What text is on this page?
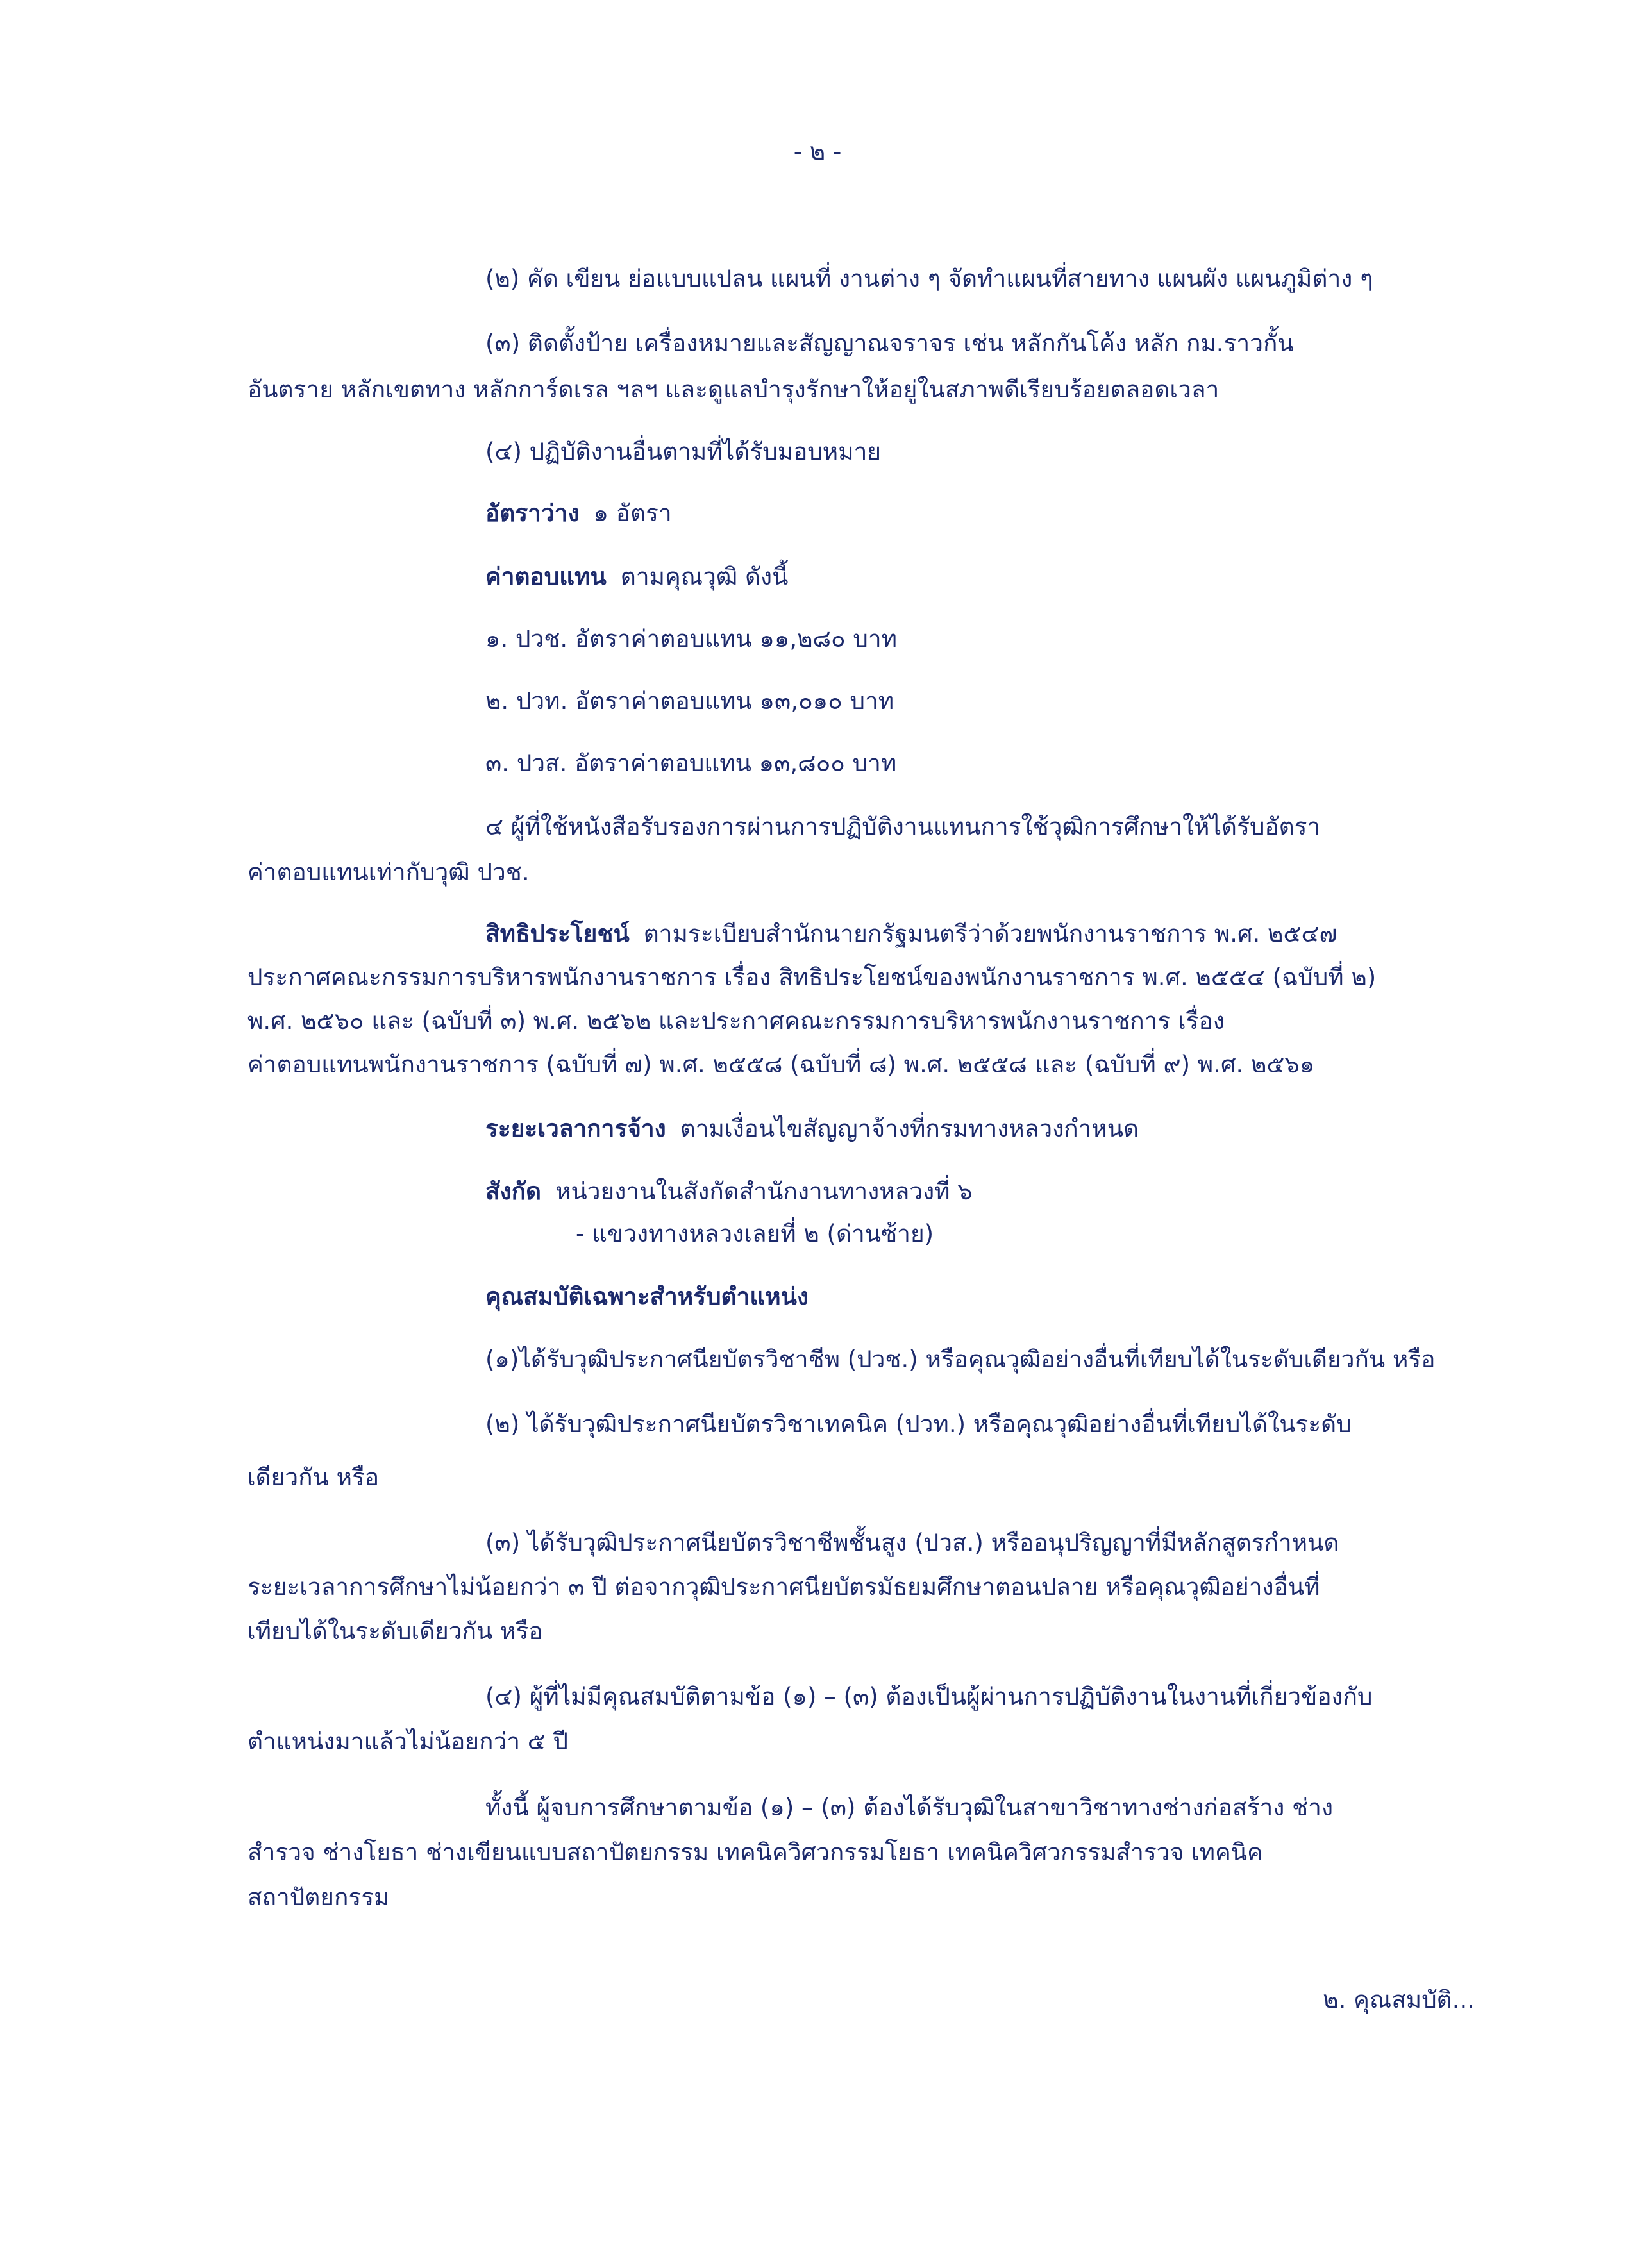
- ๒ -

(๒) คัด เขียน ย่อแบบแปลน แผนที่ งานต่าง ๆ จัดทำแผนที่สายทาง แผนผัง แผนภูมิต่าง ๆ

(๓) ติดตั้งป้าย เครื่องหมายและสัญญาณจราจร เช่น หลักกันโค้ง หลัก กม.ราวกั้น

อันตราย หลักเขตทาง หลักการ์ดเรล ฯลฯ และดูแลบำรุงรักษาให้อยู่ในสภาพดีเรียบร้อยตลอดเวลา

(๔) ปฏิบัติงานอื่นตามที่ได้รับมอบหมาย

อัตราว่าง ๑ อัตรา

ค่าตอบแทน ตามคุณวุฒิ ดังนี้

๑. ปวช. อัตราค่าตอบแทน ๑๑,๒๘๐ บาท

๒. ปวท. อัตราค่าตอบแทน ๑๓,๐๑๐ บาท

๓. ปวส. อัตราค่าตอบแทน ๑๓,๘๐๐ บาท

๔ ผู้ที่ใช้หนังสือรับรองการผ่านการปฏิบัติงานแทนการใช้วุฒิการศึกษาให้ได้รับอัตรา

ค่าตอบแทนเท่ากับวุฒิ ปวช.

สิทธิประโยชน์ ตามระเบียบสำนักนายกรัฐมนตรีว่าด้วยพนักงานราชการ พ.ศ. ๒๕๔๗

ประกาศคณะกรรมการบริหารพนักงานราชการ เรื่อง สิทธิประโยชน์ของพนักงานราชการ พ.ศ. ๒๕๕๔ (ฉบับที่ ๒)

พ.ศ. ๒๕๖๐ และ (ฉบับที่ ๓) พ.ศ. ๒๕๖๒ และประกาศคณะกรรมการบริหารพนักงานราชการ เรื่อง

ค่าตอบแทนพนักงานราชการ (ฉบับที่ ๗) พ.ศ. ๒๕๕๘ (ฉบับที่ ๘) พ.ศ. ๒๕๕๘ และ (ฉบับที่ ๙) พ.ศ. ๒๕๖๑

ระยะเวลาการจ้าง ตามเงื่อนไขสัญญาจ้างที่กรมทางหลวงกำหนด

สังกัด หน่วยงานในสังกัดสำนักงานทางหลวงที่ ๖

- แขวงทางหลวงเลยที่ ๒ (ด่านซ้าย)

คุณสมบัติเฉพาะสำหรับตำแหน่ง

(๑)ได้รับวุฒิประกาศนียบัตรวิชาชีพ (ปวช.) หรือคุณวุฒิอย่างอื่นที่เทียบได้ในระดับเดียวกัน หรือ

(๒) ได้รับวุฒิประกาศนียบัตรวิชาเทคนิค (ปวท.) หรือคุณวุฒิอย่างอื่นที่เทียบได้ในระดับ

เดียวกัน หรือ

(๓) ได้รับวุฒิประกาศนียบัตรวิชาชีพชั้นสูง (ปวส.) หรืออนุปริญญาที่มีหลักสูตรกำหนด

ระยะเวลาการศึกษาไม่น้อยกว่า ๓ ปี ต่อจากวุฒิประกาศนียบัตรมัธยมศึกษาตอนปลาย หรือคุณวุฒิอย่างอื่นที่

เทียบได้ในระดับเดียวกัน หรือ

(๔) ผู้ที่ไม่มีคุณสมบัติตามข้อ (๑) – (๓) ต้องเป็นผู้ผ่านการปฏิบัติงานในงานที่เกี่ยวข้องกับ

ตำแหน่งมาแล้วไม่น้อยกว่า ๕ ปี

ทั้งนี้ ผู้จบการศึกษาตามข้อ (๑) – (๓) ต้องได้รับวุฒิในสาขาวิชาทางช่างก่อสร้าง ช่าง

สำรวจ ช่างโยธา ช่างเขียนแบบสถาปัตยกรรม เทคนิควิศวกรรมโยธา เทคนิควิศวกรรมสำรวจ เทคนิค

สถาปัตยกรรม

๒. คุณสมบัติ...
